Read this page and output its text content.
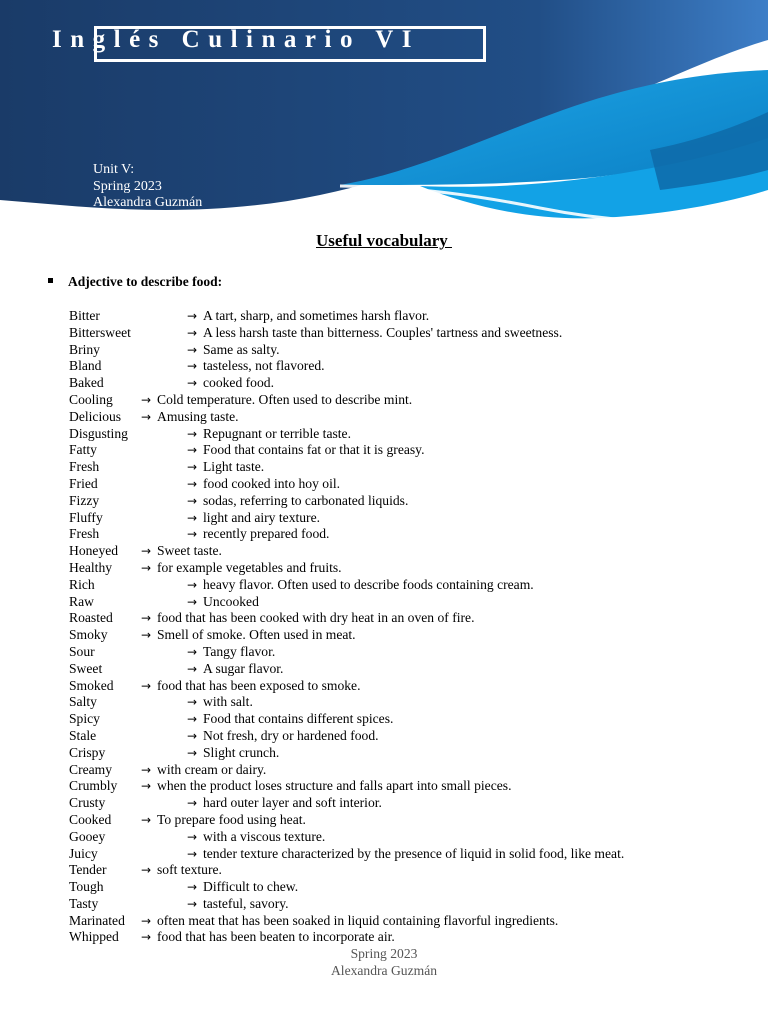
Inglés Culinario VI
Unit V:
Spring 2023
Alexandra Guzmán
Useful vocabulary
Adjective to describe food:
Bitter	→ A tart, sharp, and sometimes harsh flavor.
Bittersweet	→ A less harsh taste than bitterness. Couples' tartness and sweetness.
Briny	→ Same as salty.
Bland	→ tasteless, not flavored.
Baked	→ cooked food.
Cooling → Cold temperature. Often used to describe mint.
Delicious → Amusing taste.
Disgusting	→ Repugnant or terrible taste.
Fatty	→ Food that contains fat or that it is greasy.
Fresh	→ Light taste.
Fried	→ food cooked into hoy oil.
Fizzy	→ sodas, referring to carbonated liquids.
Fluffy	→ light and airy texture.
Fresh	→ recently prepared food.
Honeyed → Sweet taste.
Healthy → for example vegetables and fruits.
Rich	→ heavy flavor. Often used to describe foods containing cream.
Raw	→ Uncooked
Roasted → food that has been cooked with dry heat in an oven of fire.
Smoky	→ Smell of smoke. Often used in meat.
Sour	→ Tangy flavor.
Sweet	→ A sugar flavor.
Smoked → food that has been exposed to smoke.
Salty	→ with salt.
Spicy	→ Food that contains different spices.
Stale	→ Not fresh, dry or hardened food.
Crispy	→ Slight crunch.
Creamy → with cream or dairy.
Crumbly → when the product loses structure and falls apart into small pieces.
Crusty	→ hard outer layer and soft interior.
Cooked → To prepare food using heat.
Gooey	→ with a viscous texture.
Juicy	→ tender texture characterized by the presence of liquid in solid food, like meat.
Tender	→ soft texture.
Tough	→ Difficult to chew.
Tasty	→ tasteful, savory.
Marinated → often meat that has been soaked in liquid containing flavorful ingredients.
Whipped → food that has been beaten to incorporate air.
Spring 2023
Alexandra Guzmán
